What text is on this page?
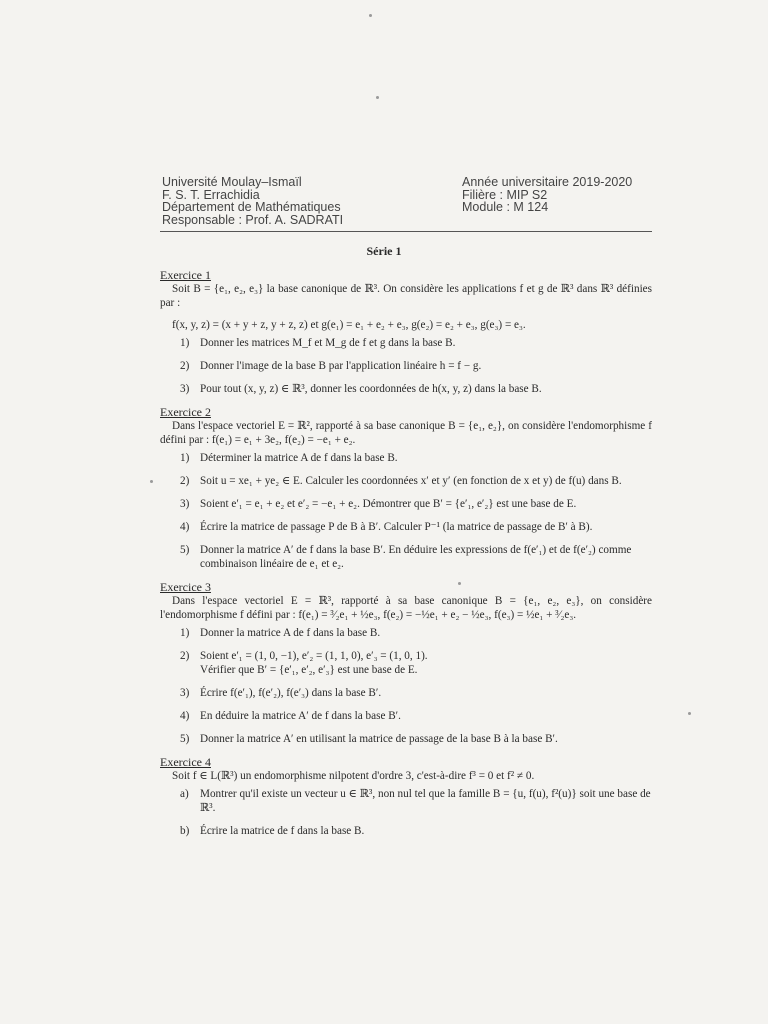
Université Moulay–Ismaïl
F. S. T. Errachidia
Département de Mathématiques
Responsable : Prof. A. SADRATI
Année universitaire 2019-2020
Filière : MIP S2
Module : M 124
Série 1

Exercice 1

Soit B = {e₁, e₂, e₃} la base canonique de ℝ³. On considère les applications f et g de ℝ³ dans ℝ³ définies par :

f(x, y, z) = (x + y + z, y + z, z) et g(e₁) = e₁ + e₂ + e₃, g(e₂) = e₂ + e₃, g(e₃) = e₃.

1) Donner les matrices M_f et M_g de f et g dans la base B.
2) Donner l'image de la base B par l'application linéaire h = f − g.
3) Pour tout (x, y, z) ∈ ℝ³, donner les coordonnées de h(x, y, z) dans la base B.

Exercice 2

Dans l'espace vectoriel E = ℝ², rapporté à sa base canonique B = {e₁, e₂}, on considère l'endomorphisme f défini par : f(e₁) = e₁ + 3e₂, f(e₂) = −e₁ + e₂.

1) Déterminer la matrice A de f dans la base B.
2) Soit u = xe₁ + ye₂ ∈ E. Calculer les coordonnées x′ et y′ (en fonction de x et y) de f(u) dans B.
3) Soient e′₁ = e₁ + e₂ et e′₂ = −e₁ + e₂. Démontrer que B′ = {e′₁, e′₂} est une base de E.
4) Écrire la matrice de passage P de B à B′. Calculer P⁻¹ (la matrice de passage de B′ à B).
5) Donner la matrice A′ de f dans la base B′. En déduire les expressions de f(e′₁) et de f(e′₂) comme combinaison linéaire de e₁ et e₂.

Exercice 3

Dans l'espace vectoriel E = ℝ³, rapporté à sa base canonique B = {e₁, e₂, e₃}, on considère l'endomorphisme f défini par : f(e₁) = ³⁄₂e₁ + ½e₃, f(e₂) = −½e₁ + e₂ − ½e₃, f(e₃) = ½e₁ + ³⁄₂e₃.

1) Donner la matrice A de f dans la base B.
2) Soient e′₁ = (1, 0, −1), e′₂ = (1, 1, 0), e′₃ = (1, 0, 1).
Vérifier que B′ = {e′₁, e′₂, e′₃} est une base de E.
3) Écrire f(e′₁), f(e′₂), f(e′₃) dans la base B′.
4) En déduire la matrice A′ de f dans la base B′.
5) Donner la matrice A′ en utilisant la matrice de passage de la base B à la base B′.

Exercice 4

Soit f ∈ L(ℝ³) un endomorphisme nilpotent d'ordre 3, c'est-à-dire f³ = 0 et f² ≠ 0.

a) Montrer qu'il existe un vecteur u ∈ ℝ³, non nul tel que la famille B = {u, f(u), f²(u)} soit une base de ℝ³.
b) Écrire la matrice de f dans la base B.
